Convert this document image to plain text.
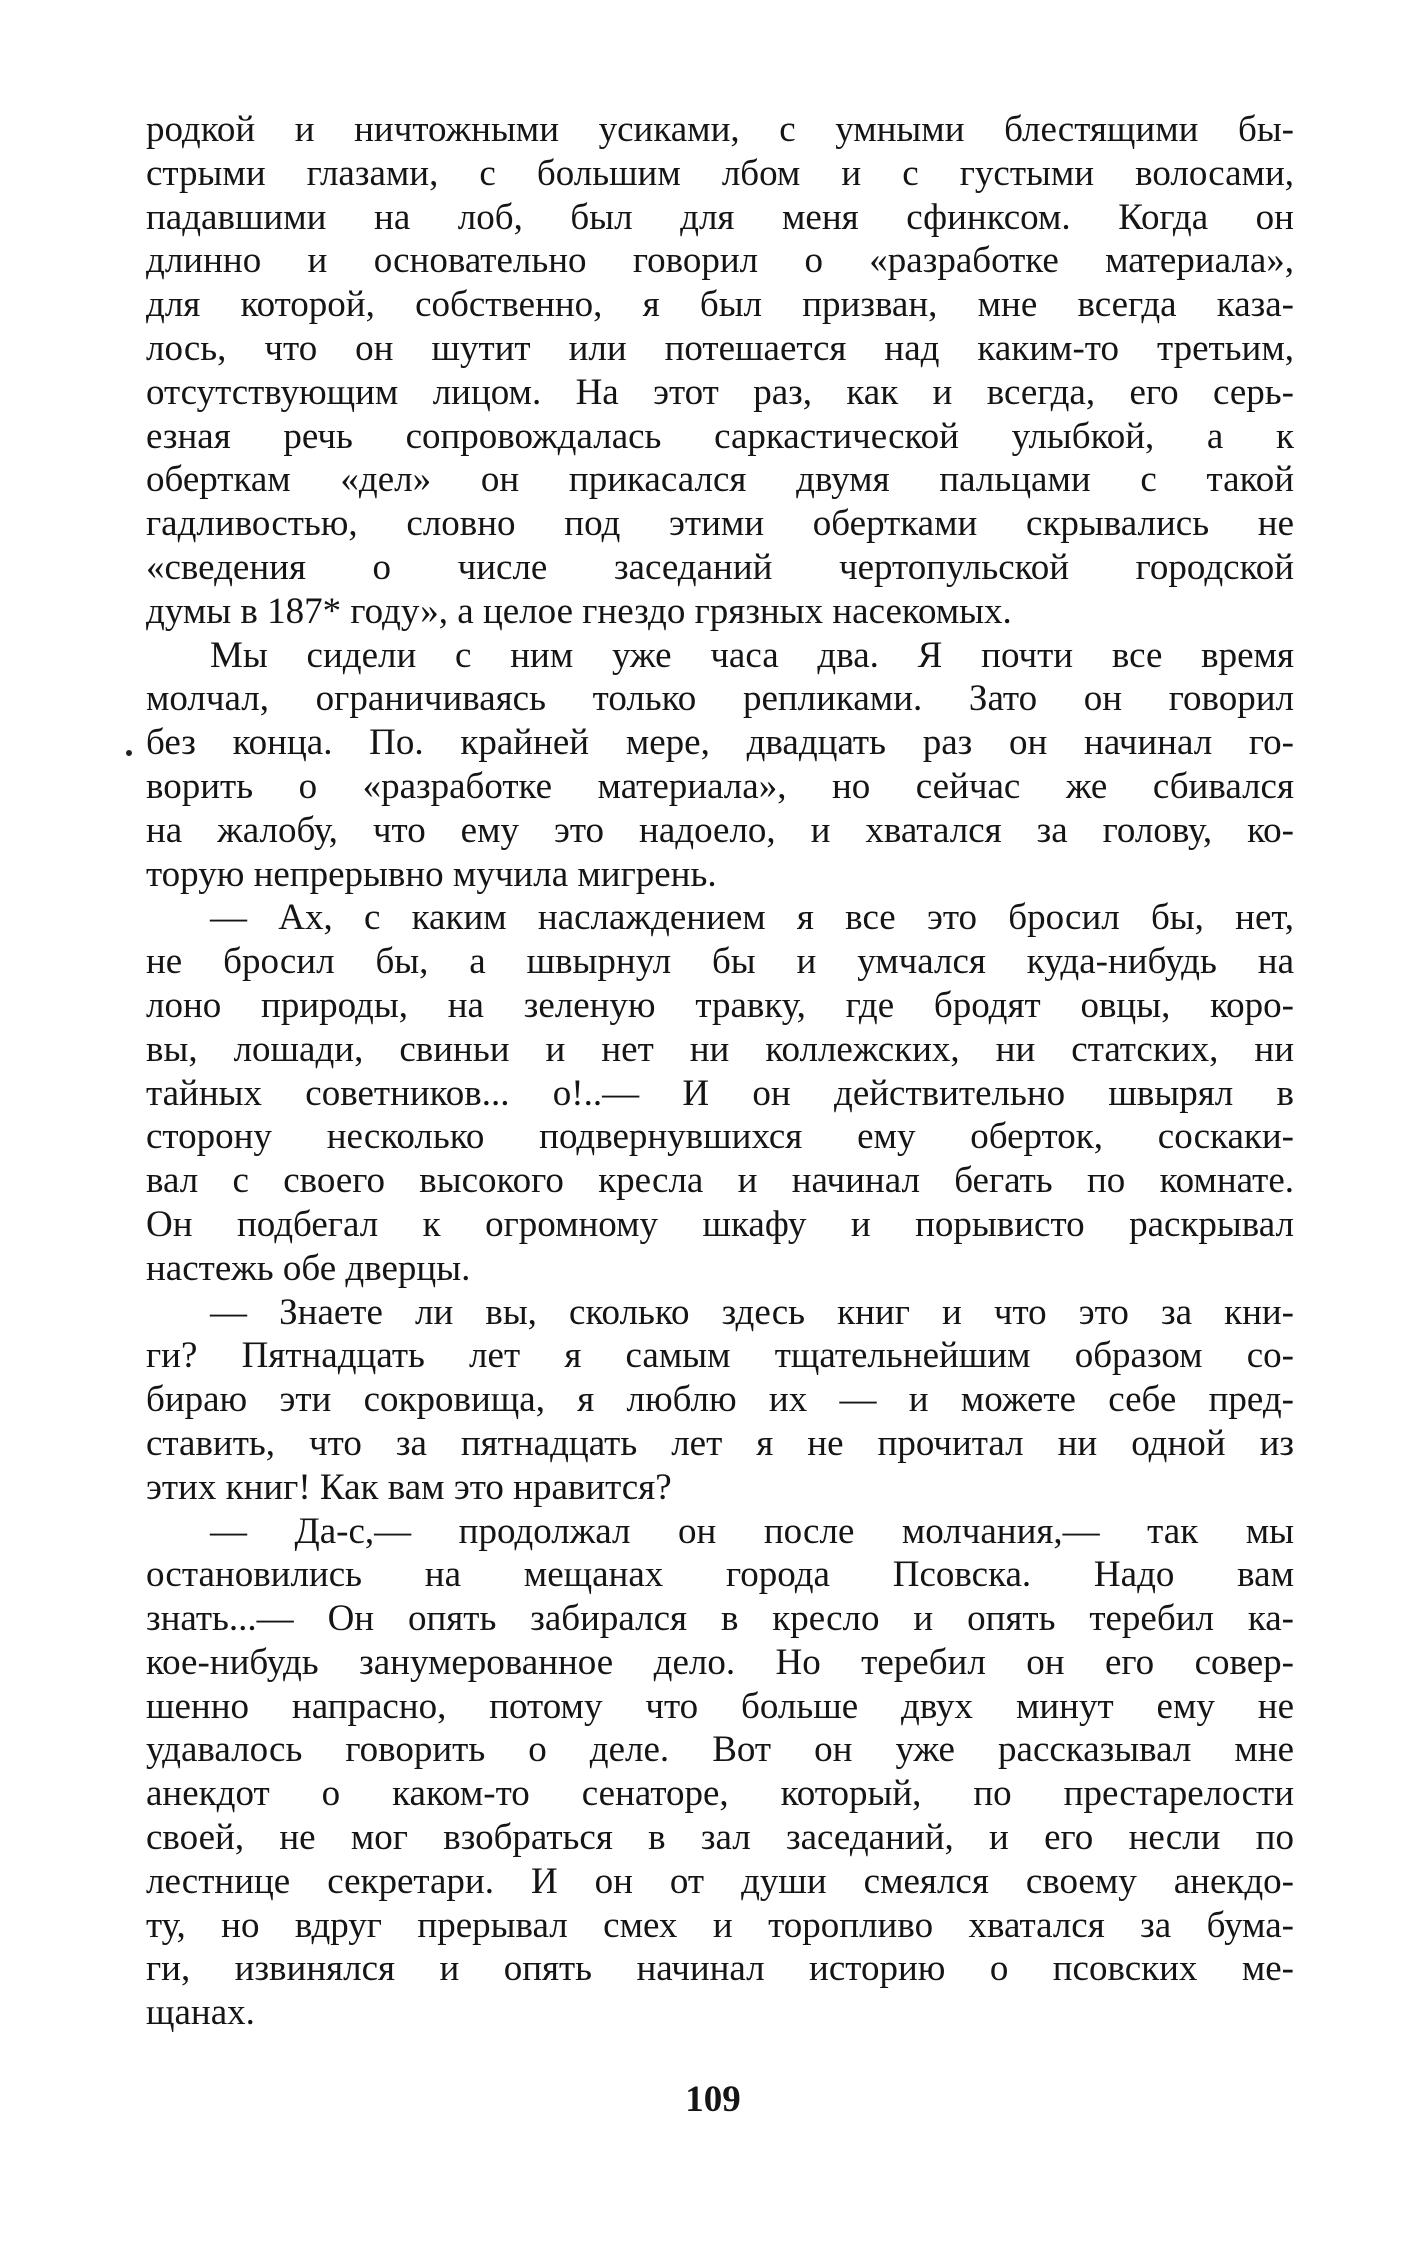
родкой и ничтожными усиками, с умными блестящими бы-
стрыми глазами, с большим лбом и с густыми волосами,
падавшими на лоб, был для меня сфинксом. Когда он
длинно и основательно говорил о «разработке материала»,
для которой, собственно, я был призван, мне всегда каза-
лось, что он шутит или потешается над каким-то третьим,
отсутствующим лицом. На этот раз, как и всегда, его серь-
езная речь сопровождалась саркастической улыбкой, а к
оберткам «дел» он прикасался двумя пальцами с такой
гадливостью, словно под этими обертками скрывались не
«сведения о числе заседаний чертопульской городской
думы в 187* году», а целое гнездо грязных насекомых.
Мы сидели с ним уже часа два. Я почти все время
молчал, ограничиваясь только репликами. Зато он говорил
без конца. По. крайней мере, двадцать раз он начинал го-
ворить о «разработке материала», но сейчас же сбивался
на жалобу, что ему это надоело, и хватался за голову, ко-
торую непрерывно мучила мигрень.
— Ах, с каким наслаждением я все это бросил бы, нет,
не бросил бы, а швырнул бы и умчался куда-нибудь на
лоно природы, на зеленую травку, где бродят овцы, коро-
вы, лошади, свиньи и нет ни коллежских, ни статских, ни
тайных советников... о!..— И он действительно швырял в
сторону несколько подвернувшихся ему оберток, соскаки-
вал с своего высокого кресла и начинал бегать по комнате.
Он подбегал к огромному шкафу и порывисто раскрывал
настежь обе дверцы.
— Знаете ли вы, сколько здесь книг и что это за кни-
ги? Пятнадцать лет я самым тщательнейшим образом со-
бираю эти сокровища, я люблю их — и можете себе пред-
ставить, что за пятнадцать лет я не прочитал ни одной из
этих книг! Как вам это нравится?
— Да-с,— продолжал он после молчания,— так мы
остановились на мещанах города Псовска. Надо вам
знать...— Он опять забирался в кресло и опять теребил ка-
кое-нибудь занумерованное дело. Но теребил он его совер-
шенно напрасно, потому что больше двух минут ему не
удавалось говорить о деле. Вот он уже рассказывал мне
анекдот о каком-то сенаторе, который, по престарелости
своей, не мог взобраться в зал заседаний, и его несли по
лестнице секретари. И он от души смеялся своему анекдо-
ту, но вдруг прерывал смех и торопливо хватался за бума-
ги, извинялся и опять начинал историю о псовских ме-
щанах.
109
